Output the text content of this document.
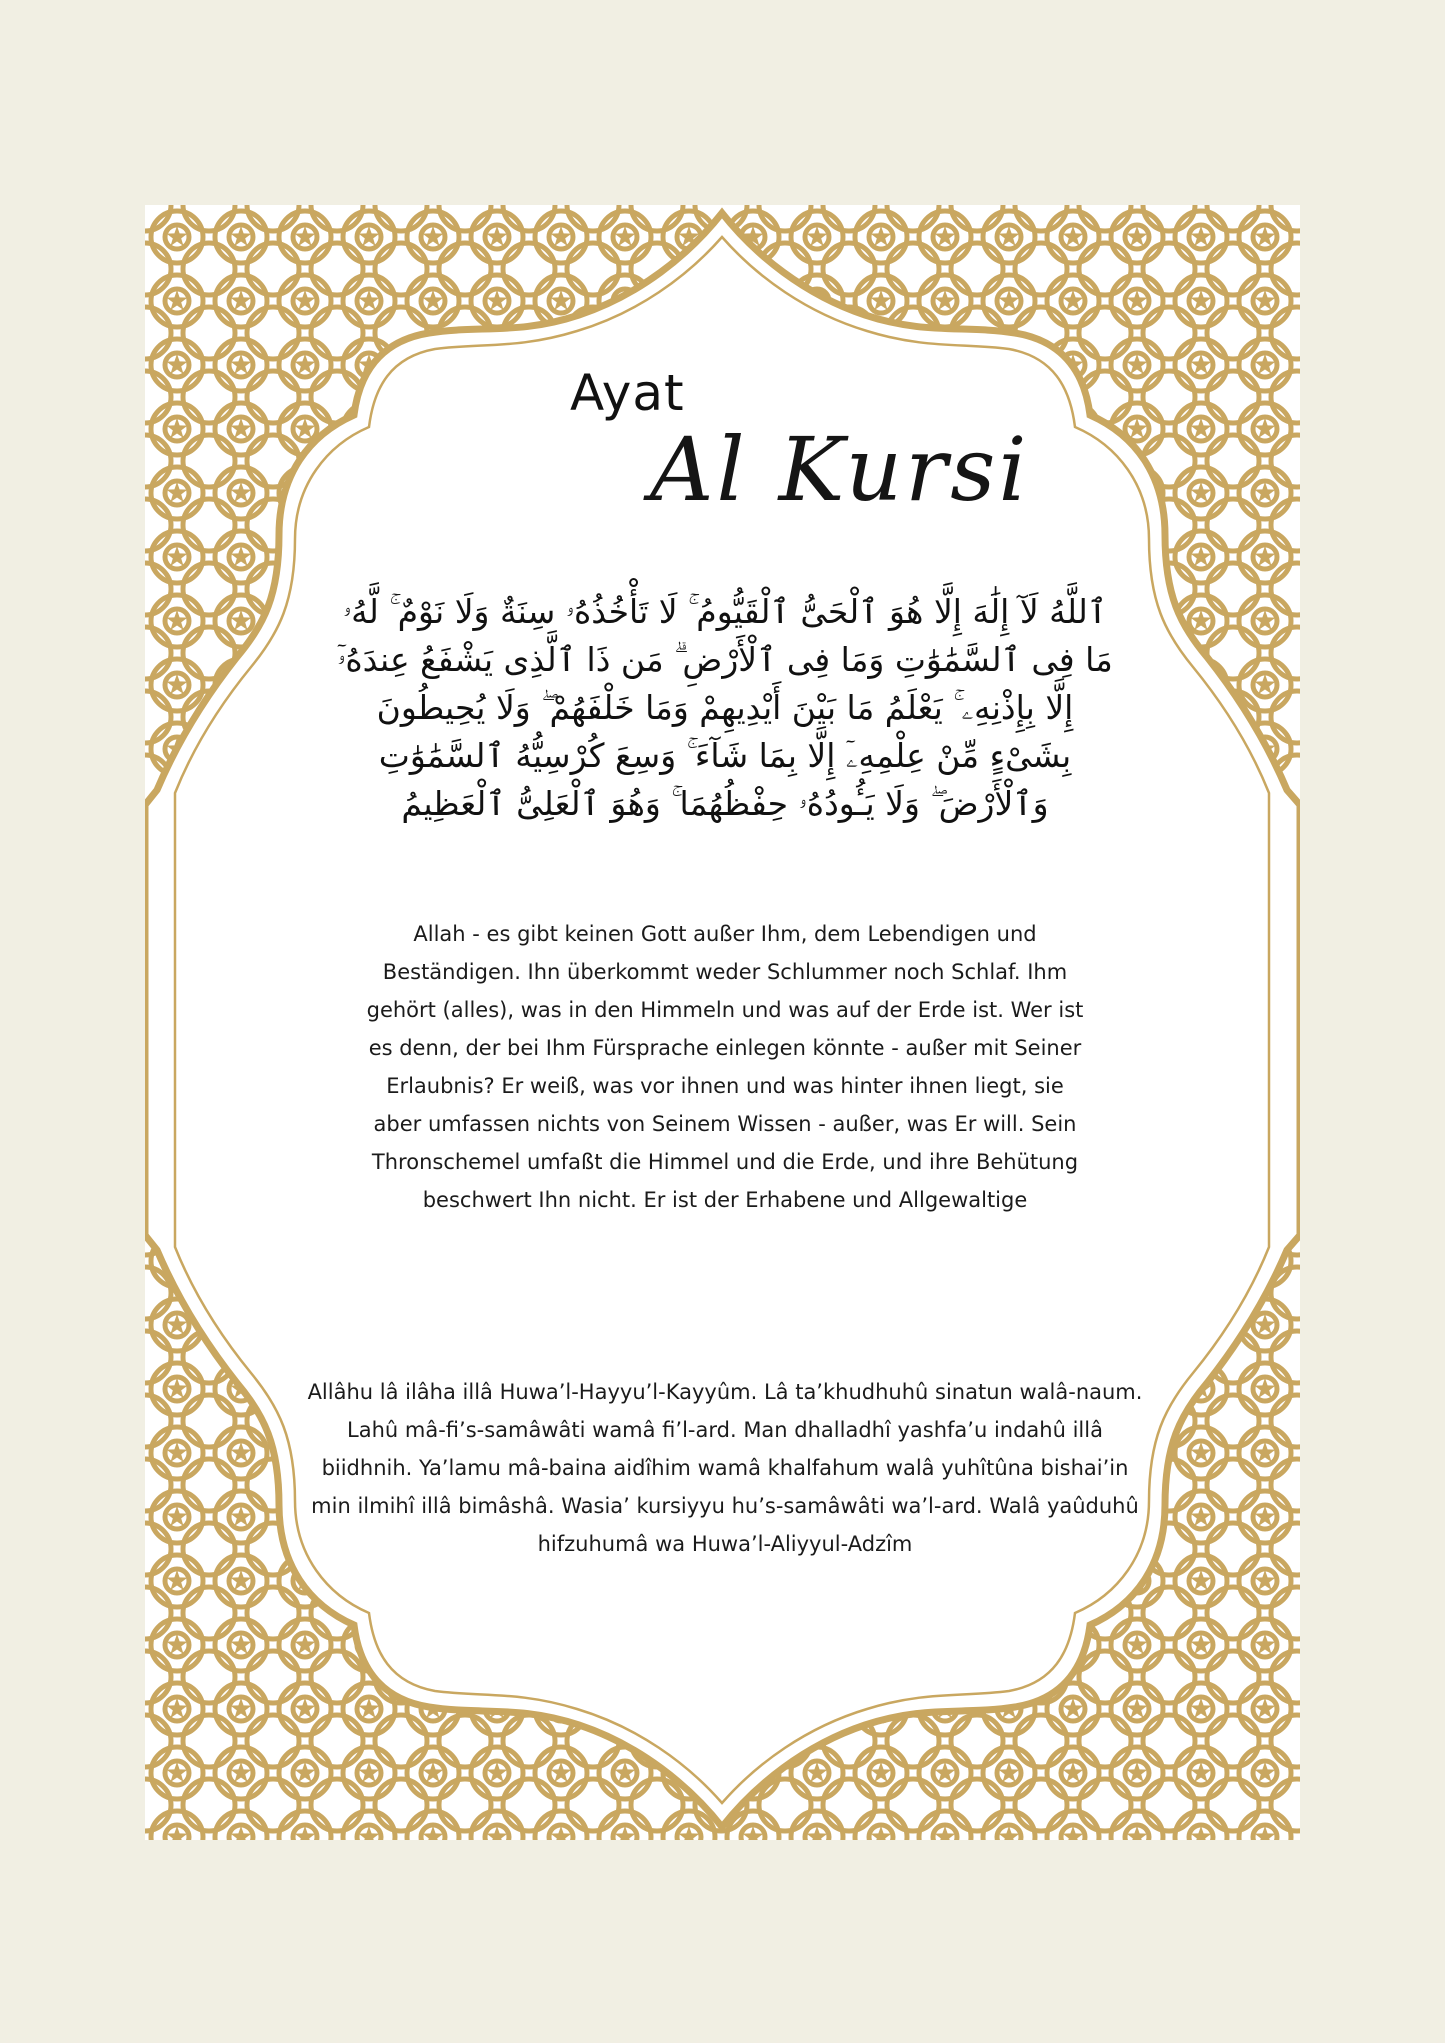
Ayat
Al Kursi

ٱللَّهُ لَآ إِلَٰهَ إِلَّا هُوَ ٱلْحَىُّ ٱلْقَيُّومُ ۚ لَا تَأْخُذُهُۥ سِنَةٌ وَلَا نَوْمٌ ۚ لَّهُۥ مَا فِى ٱلسَّمَٰوَٰتِ وَمَا فِى ٱلْأَرْضِ ۗ مَن ذَا ٱلَّذِى يَشْفَعُ عِندَهُۥٓ إِلَّا بِإِذْنِهِۦ ۚ يَعْلَمُ مَا بَيْنَ أَيْدِيهِمْ وَمَا خَلْفَهُمْ ۖ وَلَا يُحِيطُونَ بِشَىْءٍ مِّنْ عِلْمِهِۦٓ إِلَّا بِمَا شَآءَ ۚ وَسِعَ كُرْسِيُّهُ ٱلسَّمَٰوَٰتِ وَٱلْأَرْضَ ۖ وَلَا يَـُٔودُهُۥ حِفْظُهُمَا ۚ وَهُوَ ٱلْعَلِىُّ ٱلْعَظِيمُ

Allah - es gibt keinen Gott außer Ihm, dem Lebendigen und Beständigen. Ihn überkommt weder Schlummer noch Schlaf. Ihm gehört (alles), was in den Himmeln und was auf der Erde ist. Wer ist es denn, der bei Ihm Fürsprache einlegen könnte - außer mit Seiner Erlaubnis? Er weiß, was vor ihnen und was hinter ihnen liegt, sie aber umfassen nichts von Seinem Wissen - außer, was Er will. Sein Thronschemel umfaßt die Himmel und die Erde, und ihre Behütung beschwert Ihn nicht. Er ist der Erhabene und Allgewaltige

Allâhu lâ ilâha illâ Huwa’l-Hayyu’l-Kayyûm. Lâ ta’khudhuhû sinatun walâ-naum. Lahû mâ-fi’s-samâwâti wamâ fi’l-ard. Man dhalladhî yashfa’u indahû illâ biidhnih. Ya’lamu mâ-baina aidîhim wamâ khalfahum walâ yuhîtûna bishai’in min ilmihî illâ bimâshâ. Wasia’ kursiyyu hu’s-samâwâti wa’l-ard. Walâ yaûduhû hifzuhumâ wa Huwa’l-Aliyyul-Adzîm
